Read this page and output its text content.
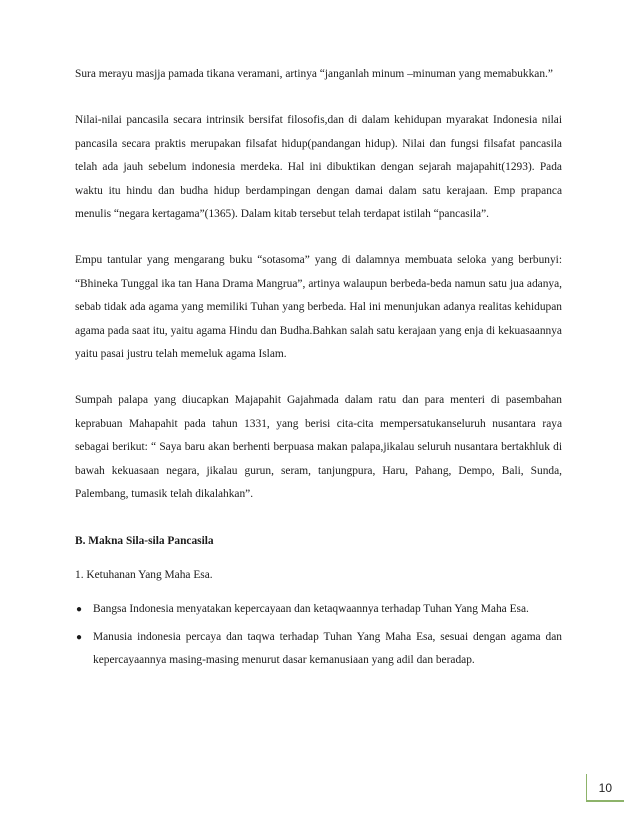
Sura merayu masjja pamada tikana veramani, artinya “janganlah minum –minuman yang memabukkan.”

Nilai-nilai pancasila secara intrinsik bersifat filosofis,dan di dalam kehidupan myarakat Indonesia nilai pancasila secara praktis merupakan filsafat hidup(pandangan hidup). Nilai dan fungsi filsafat pancasila telah ada jauh sebelum indonesia merdeka. Hal ini dibuktikan dengan sejarah majapahit(1293). Pada waktu itu hindu dan budha hidup berdampingan dengan damai dalam satu kerajaan. Emp prapanca menulis “negara kertagama”(1365). Dalam kitab tersebut telah terdapat istilah “pancasila”.

Empu tantular yang mengarang buku “sotasoma” yang di dalamnya membuata seloka yang berbunyi: “Bhineka Tunggal ika tan Hana Drama Mangrua”, artinya walaupun berbeda-beda namun satu jua adanya, sebab tidak ada agama yang memiliki Tuhan yang berbeda. Hal ini menunjukan adanya realitas kehidupan agama pada saat itu, yaitu agama Hindu dan Budha.Bahkan salah satu kerajaan yang enja di kekuasaannya yaitu pasai justru telah memeluk agama Islam.

Sumpah palapa yang diucapkan Majapahit Gajahmada dalam ratu dan para menteri di pasembahan keprabuan Mahapahit pada tahun 1331, yang berisi cita-cita mempersatukanseluruh nusantara raya sebagai berikut: “ Saya baru akan berhenti berpuasa makan palapa,jikalau seluruh nusantara bertakhluk di bawah kekuasaan negara, jikalau gurun, seram, tanjungpura, Haru, Pahang, Dempo, Bali, Sunda, Palembang, tumasik telah dikalahkan”.

B. Makna Sila-sila Pancasila

1. Ketuhanan Yang Maha Esa.

● Bangsa Indonesia menyatakan kepercayaan dan ketaqwaannya terhadap Tuhan Yang Maha Esa.
● Manusia indonesia percaya dan taqwa terhadap Tuhan Yang Maha Esa, sesuai dengan agama dan kepercayaannya masing-masing menurut dasar kemanusiaan yang adil dan beradap.
10
